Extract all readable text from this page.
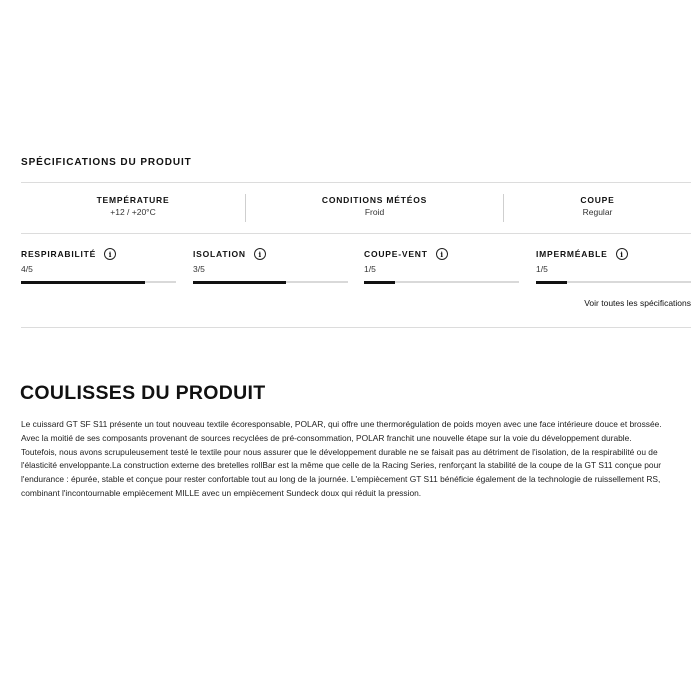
SPÉCIFICATIONS DU PRODUIT
TEMPÉRATURE
+12 / +20°C
CONDITIONS MÉTÉOS
Froid
COUPE
Regular
RESPIRABILITÉ	i
4/5
ISOLATION	i
3/5
COUPE-VENT	i
1/5
IMPERMÉABLE	i
1/5
Voir toutes les spécifications
COULISSES DU PRODUIT
Le cuissard GT SF S11 présente un tout nouveau textile écoresponsable, POLAR, qui offre une thermorégulation de poids moyen avec une face intérieure douce et brossée.
Avec la moitié de ses composants provenant de sources recyclées de pré-consommation, POLAR franchit une nouvelle étape sur la voie du développement durable.
Toutefois, nous avons scrupuleusement testé le textile pour nous assurer que le développement durable ne se faisait pas au détriment de l'isolation, de la respirabilité ou de
l'élasticité enveloppante.La construction externe des bretelles rollBar est la même que celle de la Racing Series, renforçant la stabilité de la coupe de la GT S11 conçue pour
l'endurance : épurée, stable et conçue pour rester confortable tout au long de la journée. L'empiècement GT S11 bénéficie également de la technologie de ruissellement RS,
combinant l'incontournable empiècement MILLE avec un empiècement Sundeck doux qui réduit la pression.
